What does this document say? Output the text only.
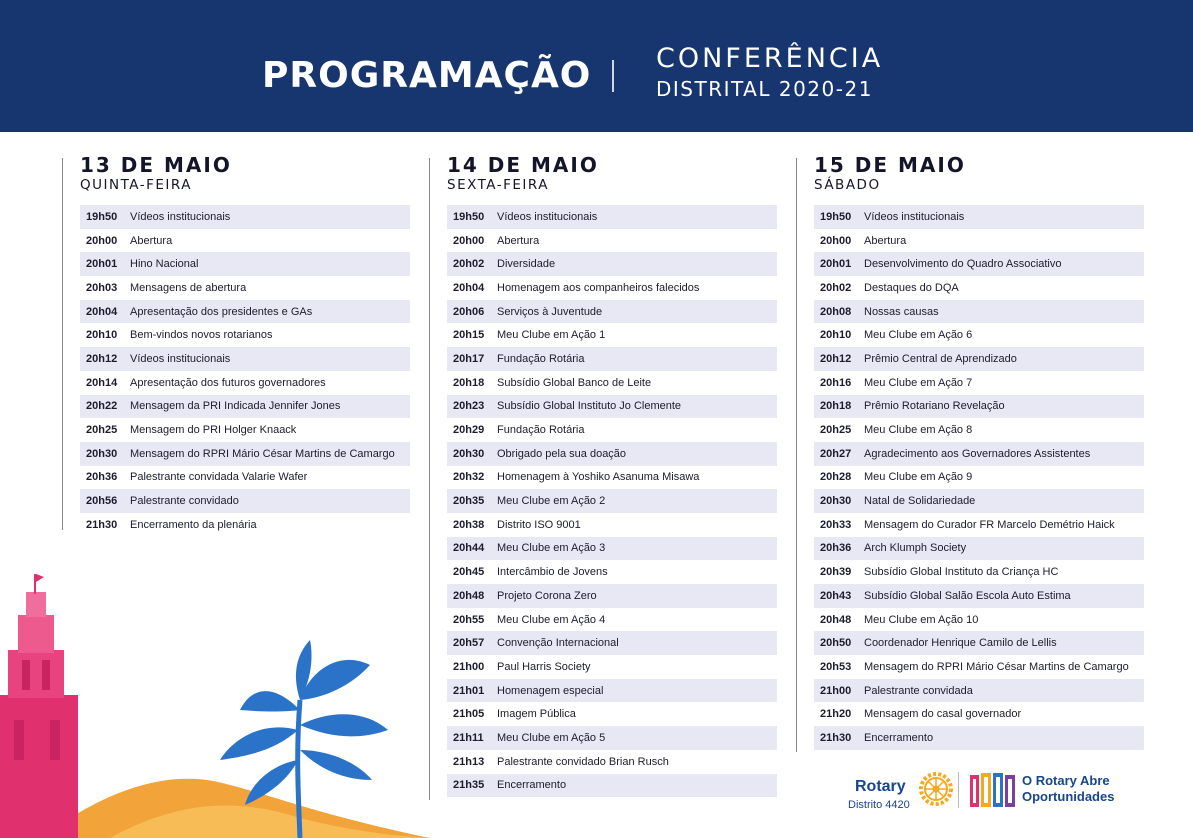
PROGRAMAÇÃO CONFERÊNCIA
DISTRITAL 2020-21
13 DE MAIO
QUINTA-FEIRA
19h50	Vídeos institucionais
20h00	Abertura
20h01	Hino Nacional
20h03	Mensagens de abertura
20h04	Apresentação dos presidentes e GAs
20h10	Bem-vindos novos rotarianos
20h12	Vídeos institucionais
20h14	Apresentação dos futuros governadores
20h22	Mensagem da PRI Indicada Jennifer Jones
20h25	Mensagem do PRI Holger Knaack
20h30	Mensagem do RPRI Mário César Martins de Camargo
20h36	Palestrante convidada Valarie Wafer
20h56	Palestrante convidado
21h30	Encerramento da plenária
14 DE MAIO
SEXTA-FEIRA
19h50	Vídeos institucionais
20h00	Abertura
20h02	Diversidade
20h04	Homenagem aos companheiros falecidos
20h06	Serviços à Juventude
20h15	Meu Clube em Ação 1
20h17	Fundação Rotária
20h18	Subsídio Global Banco de Leite
20h23	Subsídio Global Instituto Jo Clemente
20h29	Fundação Rotária
20h30	Obrigado pela sua doação
20h32	Homenagem à Yoshiko Asanuma Misawa
20h35	Meu Clube em Ação 2
20h38	Distrito ISO 9001
20h44	Meu Clube em Ação 3
20h45	Intercâmbio de Jovens
20h48	Projeto Corona Zero
20h55	Meu Clube em Ação 4
20h57	Convenção Internacional
21h00	Paul Harris Society
21h01	Homenagem especial
21h05	Imagem Pública
21h11	Meu Clube em Ação 5
21h13	Palestrante convidado Brian Rusch
21h35	Encerramento
15 DE MAIO
SÁBADO
19h50	Vídeos institucionais
20h00	Abertura
20h01	Desenvolvimento do Quadro Associativo
20h02	Destaques do DQA
20h08	Nossas causas
20h10	Meu Clube em Ação 6
20h12	Prêmio Central de Aprendizado
20h16	Meu Clube em Ação 7
20h18	Prêmio Rotariano Revelação
20h25	Meu Clube em Ação 8
20h27	Agradecimento aos Governadores Assistentes
20h28	Meu Clube em Ação 9
20h30	Natal de Solidariedade
20h33	Mensagem do Curador FR Marcelo Demétrio Haick
20h36	Arch Klumph Society
20h39	Subsídio Global Instituto da Criança HC
20h43	Subsídio Global Salão Escola Auto Estima
20h48	Meu Clube em Ação 10
20h50	Coordenador Henrique Camilo de Lellis
20h53	Mensagem do RPRI Mário César Martins de Camargo
21h00	Palestrante convidada
21h20	Mensagem do casal governador
21h30	Encerramento
Rotary
Distrito 4420
O Rotary Abre
Oportunidades
